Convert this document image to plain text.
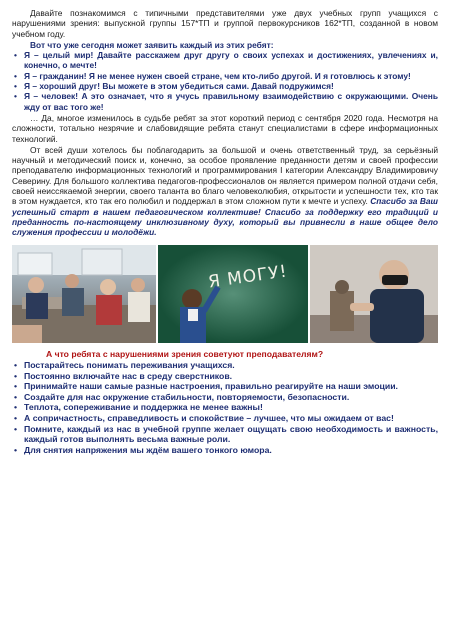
Давайте познакомимся с типичными представителями уже двух учебных групп учащихся с нарушениями зрения: выпускной группы 157*ТП и группой первокурсников 162*ТП, созданной в новом учебном году.

Вот что уже сегодня может заявить каждый из этих ребят:

• Я – целый мир! Давайте расскажем друг другу о своих успехах и достижениях, увлечениях и, конечно, о мечте!
• Я – гражданин! Я не менее нужен своей стране, чем кто-либо другой. И я готовлюсь к этому!
• Я – хороший друг! Вы можете в этом убедиться сами. Давай подружимся!
• Я – человек! А это означает, что я учусь правильному взаимодействию с окружающими. Очень жду от вас того же!

… Да, многое изменилось в судьбе ребят за этот короткий период с сентября 2020 года. Несмотря на сложности, тотально незрячие и слабовидящие ребята станут специалистами в сфере информационных технологий.

От всей души хотелось бы поблагодарить за большой и очень ответственный труд, за серьёзный научный и методический поиск и, конечно, за особое проявление преданности детям и своей профессии преподавателю информационных технологий и программирования I категории Александру Владимировичу Северину. Для большого коллектива педагогов-профессионалов он является примером полной отдачи себя, своей неиссякаемой энергии, своего таланта во благо человеколюбия, открытости и успешности тех, кто так в этом нуждается, кто так его полюбил и поддержал в этом сложном пути к мечте и успеху. Спасибо за Ваш успешный старт в нашем педагогическом коллективе! Спасибо за поддержку его традиций и преданность по-настоящему инклюзивному духу, который вы привнесли в наше общее дело служения профессии и молодёжи.

Я МОГУ!

А что ребята с нарушениями зрения советуют преподавателям?

• Постарайтесь понимать переживания учащихся.
• Постоянно включайте нас в среду сверстников.
• Принимайте наши самые разные настроения, правильно реагируйте на наши эмоции.
• Создайте для нас окружение стабильности, повторяемости, безопасности.
• Теплота, сопереживание и поддержка не менее важны!
• А сопричастность, справедливость и спокойствие – лучшее, что мы ожидаем от вас!
• Помните, каждый из нас в учебной группе желает ощущать свою необходимость и важность, каждый готов выполнять весьма важные роли.
• Для снятия напряжения мы ждём вашего тонкого юмора.
